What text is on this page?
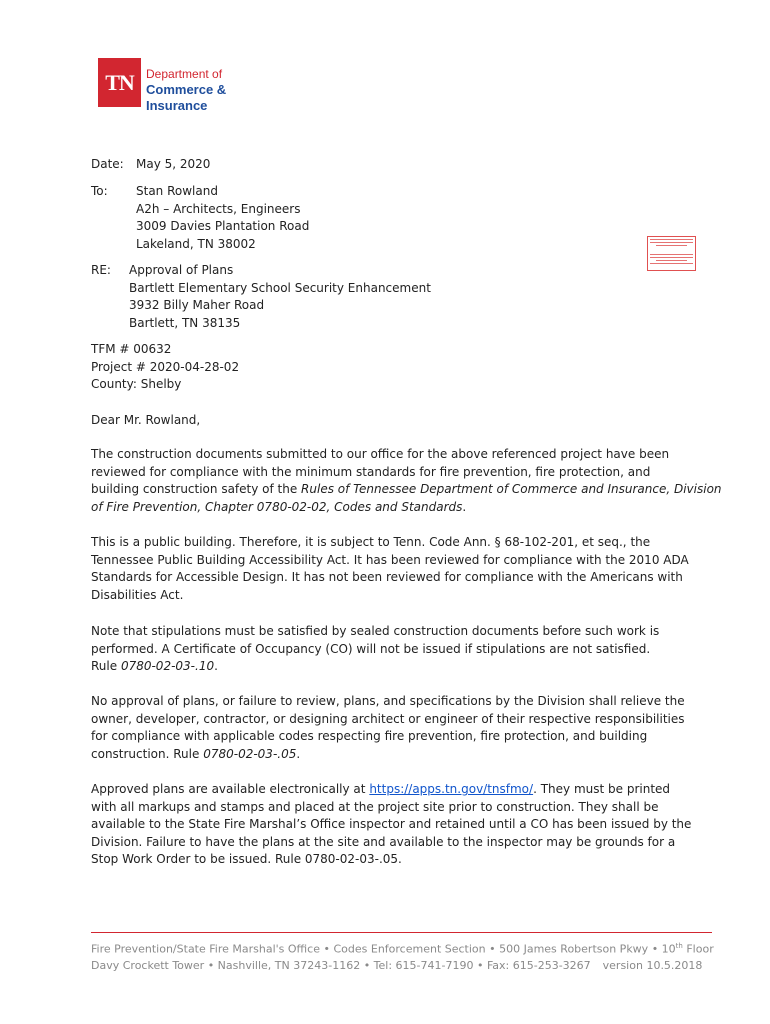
TN	Department of
Commerce &
Insurance
Date: May 5, 2020
To: Stan Rowland
A2h – Architects, Engineers
3009 Davies Plantation Road
Lakeland, TN 38002
RE: Approval of Plans
Bartlett Elementary School Security Enhancement
3932 Billy Maher Road
Bartlett, TN 38135
TFM # 00632
Project # 2020-04-28-02
County: Shelby
Dear Mr. Rowland,
The construction documents submitted to our office for the above referenced project have been
reviewed for compliance with the minimum standards for fire prevention, fire protection, and
building construction safety of the Rules of Tennessee Department of Commerce and Insurance, Division
of Fire Prevention, Chapter 0780-02-02, Codes and Standards.
This is a public building. Therefore, it is subject to Tenn. Code Ann. § 68-102-201, et seq., the
Tennessee Public Building Accessibility Act. It has been reviewed for compliance with the 2010 ADA
Standards for Accessible Design. It has not been reviewed for compliance with the Americans with
Disabilities Act.
Note that stipulations must be satisfied by sealed construction documents before such work is
performed. A Certificate of Occupancy (CO) will not be issued if stipulations are not satisfied.
Rule 0780-02-03-.10.
No approval of plans, or failure to review, plans, and specifications by the Division shall relieve the
owner, developer, contractor, or designing architect or engineer of their respective responsibilities
for compliance with applicable codes respecting fire prevention, fire protection, and building
construction. Rule 0780-02-03-.05.
Approved plans are available electronically at https://apps.tn.gov/tnsfmo/. They must be printed
with all markups and stamps and placed at the project site prior to construction. They shall be
available to the State Fire Marshal’s Office inspector and retained until a CO has been issued by the
Division. Failure to have the plans at the site and available to the inspector may be grounds for a
Stop Work Order to be issued. Rule 0780-02-03-.05.
Fire Prevention/State Fire Marshal's Office • Codes Enforcement Section • 500 James Robertson Pkwy • 10th Floor
Davy Crockett Tower • Nashville, TN 37243-1162 • Tel: 615-741-7190 • Fax: 615-253-3267 version 10.5.2018
